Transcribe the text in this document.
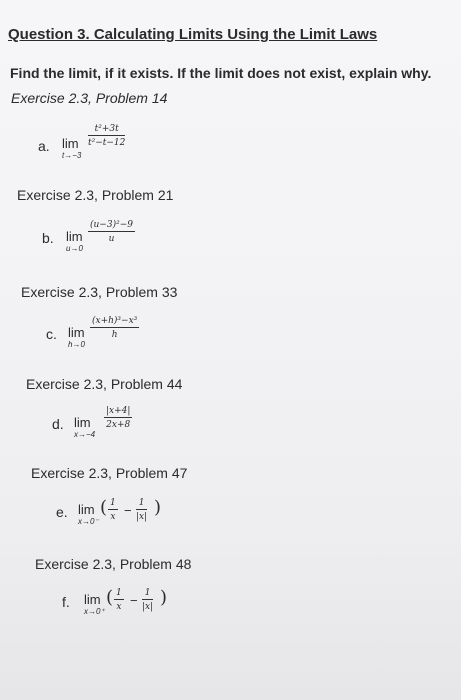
Question 3. Calculating Limits Using the Limit Laws
Find the limit, if it exists. If the limit does not exist, explain why.
Exercise 2.3, Problem 14
a. lim
t→−3
$\frac{\text{t²+3t}}{\text{t²−t−12}}$
Exercise 2.3, Problem 21
b. lim
u→0
$\frac{\text{(u−3)²−9}}{u}$
Exercise 2.3, Problem 33
c. lim
h→0
$\frac{\text{(x+h)³−x³}}{h}$
Exercise 2.3, Problem 44
d. lim
x→−4
$\frac{|x+4|}{2x+8}$
Exercise 2.3, Problem 47
e. lim
x→0⁻
( $\frac{1}{x} - \frac{1}{|x|}$ )
Exercise 2.3, Problem 48
f. lim
x→0⁺
( $\frac{1}{x} - \frac{1}{|x|}$ )
